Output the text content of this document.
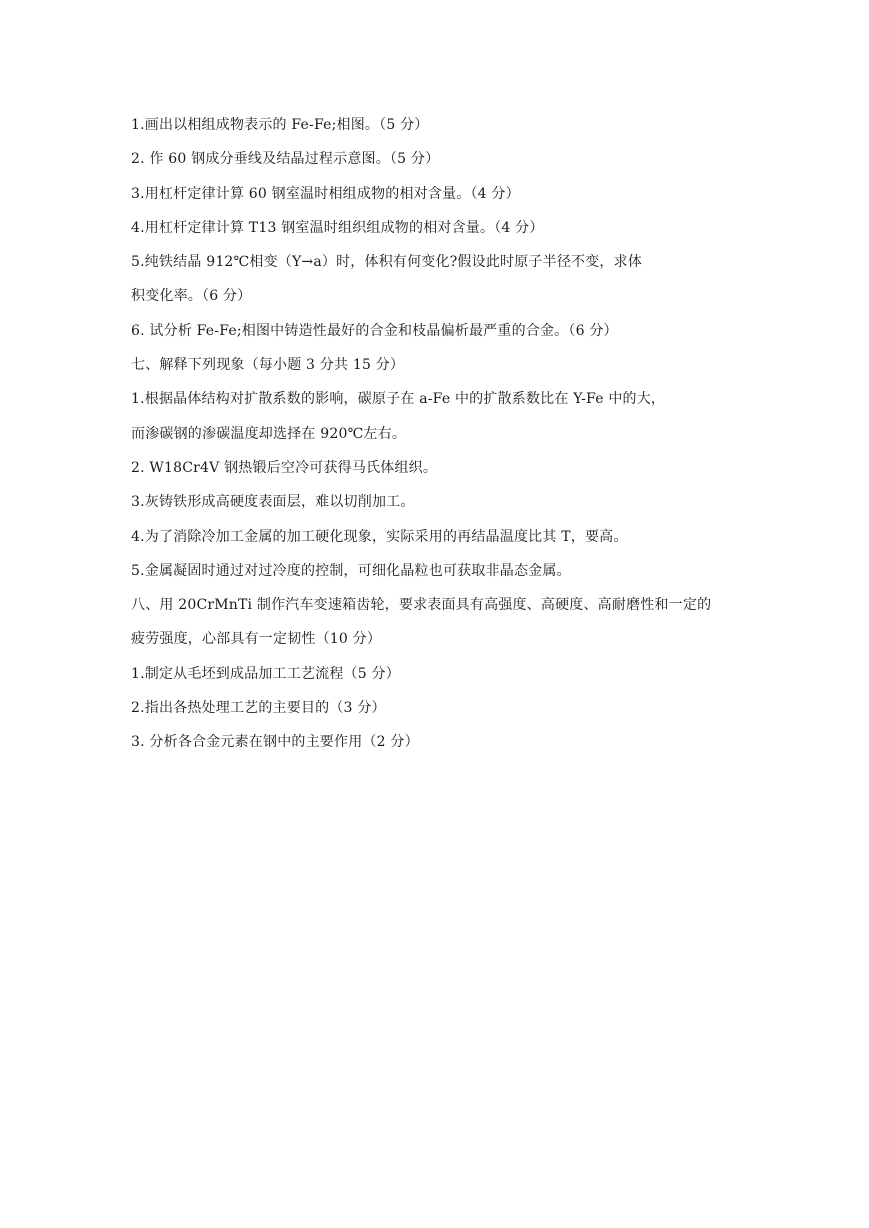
1.画出以相组成物表示的 Fe-Fe;相图。（5 分）
2. 作 60 钢成分垂线及结晶过程示意图。（5 分）
3.用杠杆定律计算 60 钢室温时相组成物的相对含量。（4 分）
4.用杠杆定律计算 T13 钢室温时组织组成物的相对含量。（4 分）
5.纯铁结晶 912℃相变（Y→a）时，体积有何变化?假设此时原子半径不变，求体
积变化率。（6 分）
6. 试分析 Fe-Fe;相图中铸造性最好的合金和枝晶偏析最严重的合金。（6 分）
七、解释下列现象（每小题 3 分共 15 分）
1.根据晶体结构对扩散系数的影响，碳原子在 a-Fe 中的扩散系数比在 Y-Fe 中的大，
而渗碳钢的渗碳温度却选择在 920℃左右。
2. W18Cr4V 钢热锻后空冷可获得马氏体组织。
3.灰铸铁形成高硬度表面层，难以切削加工。
4.为了消除冷加工金属的加工硬化现象，实际采用的再结晶温度比其 T，要高。
5.金属凝固时通过对过冷度的控制，可细化晶粒也可获取非晶态金属。
八、用 20CrMnTi 制作汽车变速箱齿轮，要求表面具有高强度、高硬度、高耐磨性和一定的
疲劳强度，心部具有一定韧性（10 分）
1.制定从毛坯到成品加工工艺流程（5 分）
2.指出各热处理工艺的主要目的（3 分）
3. 分析各合金元素在钢中的主要作用（2 分）
